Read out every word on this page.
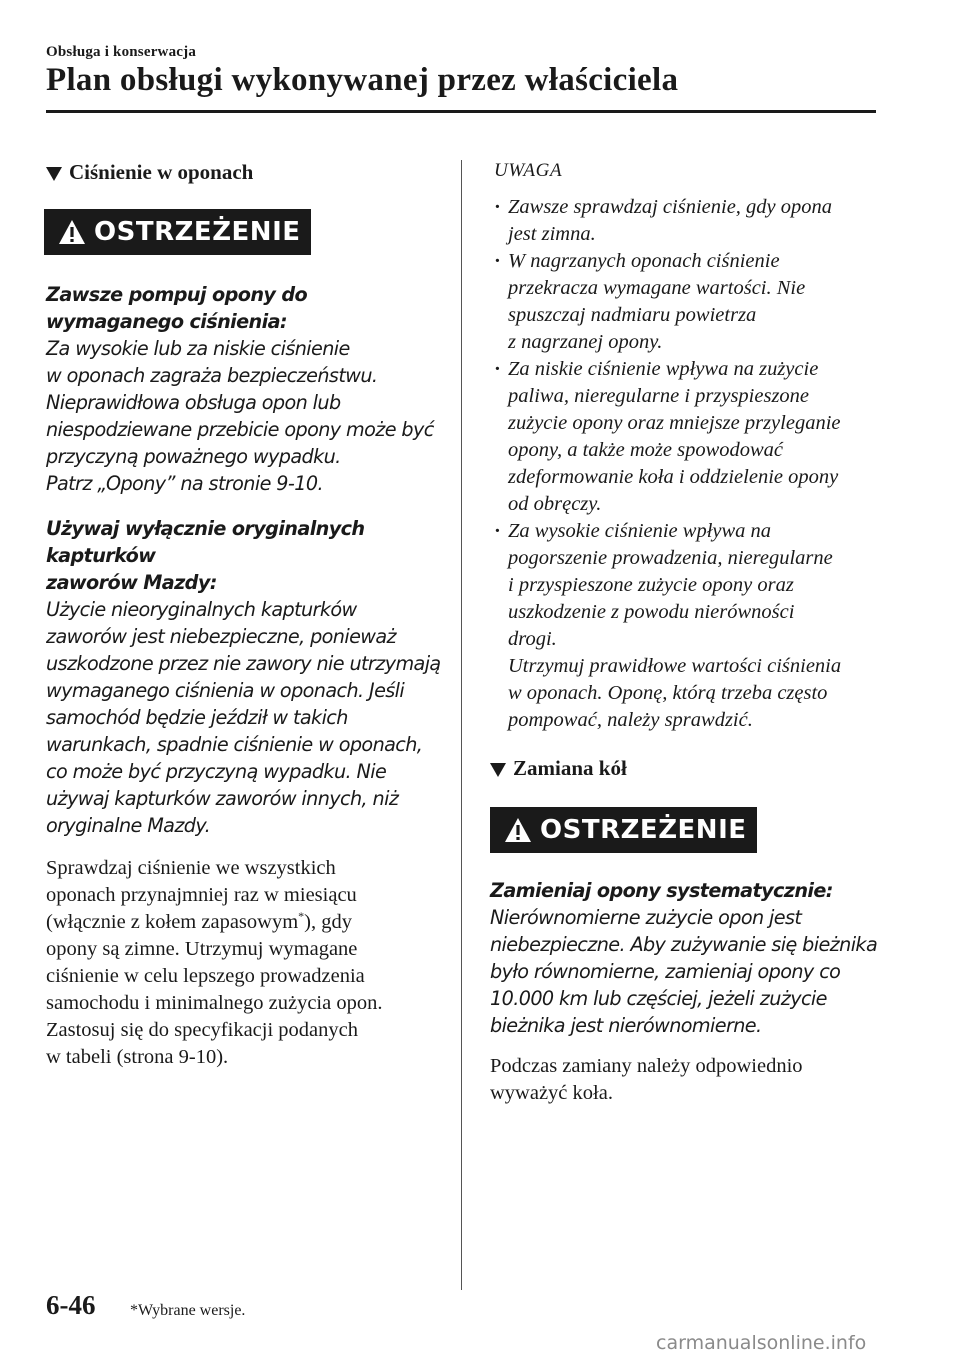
Obsługa i konserwacja
Plan obsługi wykonywanej przez właściciela
Ciśnienie w oponach
OSTRZEŻENIE

Zawsze pompuj opony do wymaganego ciśnienia:

Za wysokie lub za niskie ciśnienie

w oponach zagraża bezpieczeństwu.

Nieprawidłowa obsługa opon lub

niespodziewane przebicie opony może być

przyczyną poważnego wypadku.

Patrz „Opony” na stronie 9-10.

Używaj wyłącznie oryginalnych kapturków

zaworów Mazdy:

Użycie nieoryginalnych kapturków

zaworów jest niebezpieczne, ponieważ

uszkodzone przez nie zawory nie utrzymają

wymaganego ciśnienia w oponach. Jeśli

samochód będzie jeździł w takich

warunkach, spadnie ciśnienie w oponach,

co może być przyczyną wypadku. Nie

używaj kapturków zaworów innych, niż

oryginalne Mazdy.

Sprawdzaj ciśnienie we wszystkich

oponach przynajmniej raz w miesiącu

(włącznie z kołem zapasowym*), gdy

opony są zimne. Utrzymuj wymagane

ciśnienie w celu lepszego prowadzenia

samochodu i minimalnego zużycia opon.

Zastosuj się do specyfikacji podanych

w tabeli (strona 9-10).

UWAGA

· Zawsze sprawdzaj ciśnienie, gdy opona
jest zimna.
· W nagrzanych oponach ciśnienie
przekracza wymagane wartości. Nie
spuszczaj nadmiaru powietrza
z nagrzanej opony.
· Za niskie ciśnienie wpływa na zużycie
paliwa, nieregularne i przyspieszone
zużycie opony oraz mniejsze przyleganie
opony, a także może spowodować
zdeformowanie koła i oddzielenie opony
od obręczy.
· Za wysokie ciśnienie wpływa na
pogorszenie prowadzenia, nieregularne
i przyspieszone zużycie opony oraz
uszkodzenie z powodu nierówności
drogi.
Utrzymuj prawidłowe wartości ciśnienia
w oponach. Oponę, którą trzeba często
pompować, należy sprawdzić.
Zamiana kół
OSTRZEŻENIE

Zamieniaj opony systematycznie:

Nierównomierne zużycie opon jest

niebezpieczne. Aby zużywanie się bieżnika

było równomierne, zamieniaj opony co

10.000 km lub częściej, jeżeli zużycie

bieżnika jest nierównomierne.

Podczas zamiany należy odpowiednio

wyważyć koła.

6-46 *Wybrane wersje.
carmanualsonline.info
